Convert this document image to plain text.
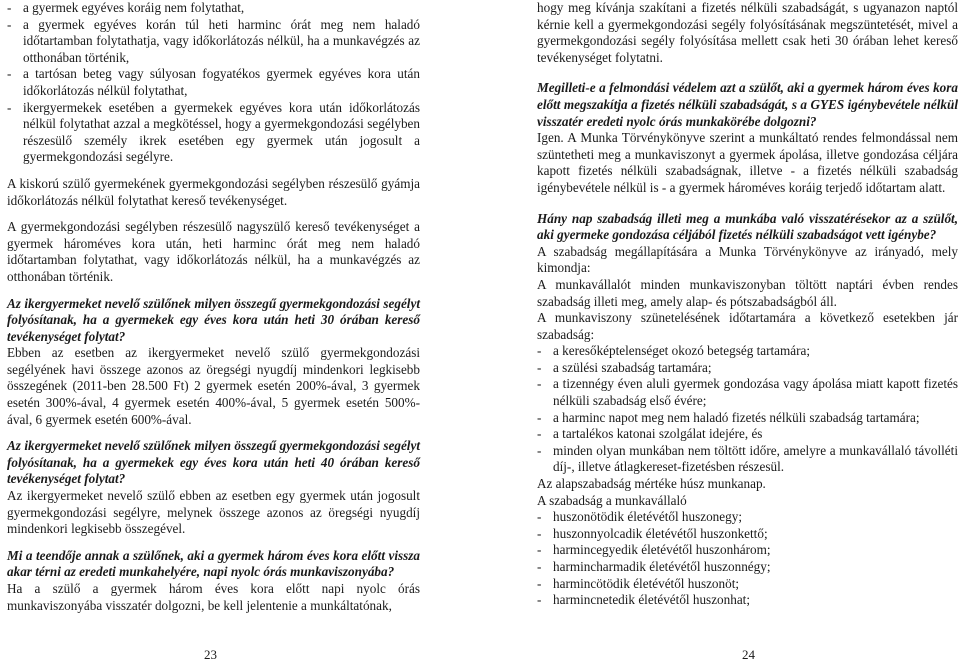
- a gyermek egyéves koráig nem folytathat,
- a gyermek egyéves korán túl heti harminc órát meg nem haladó időtartamban folytathatja, vagy időkorlátozás nélkül, ha a munkavégzés az otthonában történik,
- a tartósan beteg vagy súlyosan fogyatékos gyermek egyéves kora után időkorlátozás nélkül folytathat,
- ikergyermekek esetében a gyermekek egyéves kora után időkorlátozás nélkül folytathat azzal a megkötéssel, hogy a gyermekgondozási segélyben részesülő személy ikrek esetében egy gyermek után jogosult a gyermekgondozási segélyre.

A kiskorú szülő gyermekének gyermekgondozási segélyben részesülő gyámja időkorlátozás nélkül folytathat kereső tevékenységet.

A gyermekgondozási segélyben részesülő nagyszülő kereső tevékenységet a gyermek hároméves kora után, heti harminc órát meg nem haladó időtartamban folytathat, vagy időkorlátozás nélkül, ha a munkavégzés az otthonában történik.

Az ikergyermeket nevelő szülőnek milyen összegű gyermekgondozási segélyt folyósítanak, ha a gyermekek egy éves kora után heti 30 órában kereső tevékenységet folytat?

Ebben az esetben az ikergyermeket nevelő szülő gyermekgondozási segélyének havi összege azonos az öregségi nyugdíj mindenkori legkisebb összegének (2011-ben 28.500 Ft) 2 gyermek esetén 200%-ával, 3 gyermek esetén 300%-ával, 4 gyermek esetén 400%-ával, 5 gyermek esetén 500%-ával, 6 gyermek esetén 600%-ával.

Az ikergyermeket nevelő szülőnek milyen összegű gyermekgondozási segélyt folyósítanak, ha a gyermekek egy éves kora után heti 40 órában kereső tevékenységet folytat?

Az ikergyermeket nevelő szülő ebben az esetben egy gyermek után jogosult gyermekgondozási segélyre, melynek összege azonos az öregségi nyugdíj mindenkori legkisebb összegével.

Mi a teendője annak a szülőnek, aki a gyermek három éves kora előtt vissza akar térni az eredeti munkahelyére, napi nyolc órás munkaviszonyába?

Ha a szülő a gyermek három éves kora előtt napi nyolc órás munkaviszonyába visszatér dolgozni, be kell jelentenie a munkáltatónak,

23

hogy meg kívánja szakítani a fizetés nélküli szabadságát, s ugyanazon naptól kérnie kell a gyermekgondozási segély folyósításának megszüntetését, mivel a gyermekgondozási segély folyósítása mellett csak heti 30 órában lehet kereső tevékenységet folytatni.

Megilleti-e a felmondási védelem azt a szülőt, aki a gyermek három éves kora előtt megszakítja a fizetés nélküli szabadságát, s a GYES igénybevétele nélkül visszatér eredeti nyolc órás munkakörébe dolgozni?

Igen. A Munka Törvénykönyve szerint a munkáltató rendes felmondással nem szüntetheti meg a munkaviszonyt a gyermek ápolása, illetve gondozása céljára kapott fizetés nélküli szabadságnak, illetve - a fizetés nélküli szabadság igénybevétele nélkül is - a gyermek hároméves koráig terjedő időtartam alatt.

Hány nap szabadság illeti meg a munkába való visszatérésekor az a szülőt, aki gyermeke gondozása céljából fizetés nélküli szabadságot vett igénybe?

A szabadság megállapítására a Munka Törvénykönyve az irányadó, mely kimondja:

A munkavállalót minden munkaviszonyban töltött naptári évben rendes szabadság illeti meg, amely alap- és pótszabadságból áll.

A munkaviszony szünetelésének időtartamára a következő esetekben jár szabadság:

- a keresőképtelenséget okozó betegség tartamára;
- a szülési szabadság tartamára;
- a tizennégy éven aluli gyermek gondozása vagy ápolása miatt kapott fizetés nélküli szabadság első évére;
- a harminc napot meg nem haladó fizetés nélküli szabadság tartamára;
- a tartalékos katonai szolgálat idejére, és
- minden olyan munkában nem töltött időre, amelyre a munkavállaló távolléti díj-, illetve átlagkereset-fizetésben részesül.

Az alapszabadság mértéke húsz munkanap.

A szabadság a munkavállaló

- huszonötödik életévétől huszonegy;
- huszonnyolcadik életévétől huszonkettő;
- harmincegyedik életévétől huszonhárom;
- harmincharmadik életévétől huszonnégy;
- harmincötödik életévétől huszonöt;
- harmincnetedik életévétől huszonhat;
24
